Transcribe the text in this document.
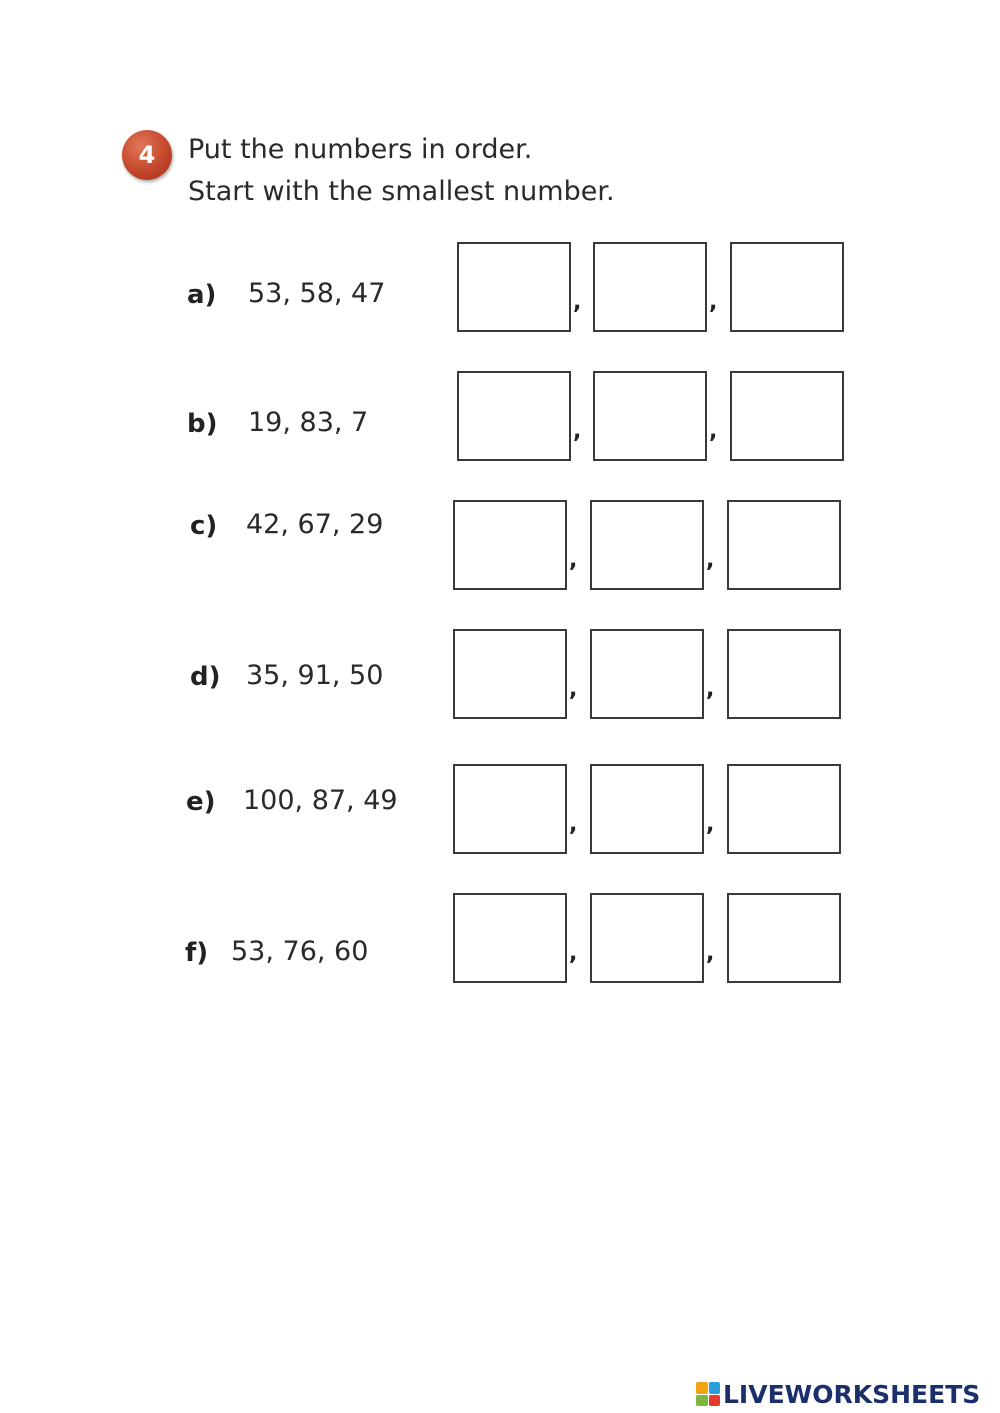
4	Put the numbers in order.
Start with the smallest number.
a) 53, 58, 47	,	,
b) 19, 83, 7	,	,
c) 42, 67, 29
,	,
d) 35, 91, 50	,	,
e) 100, 87, 49
,	,
f) 53, 76, 60	,	,
LIVEWORKSHEETS
